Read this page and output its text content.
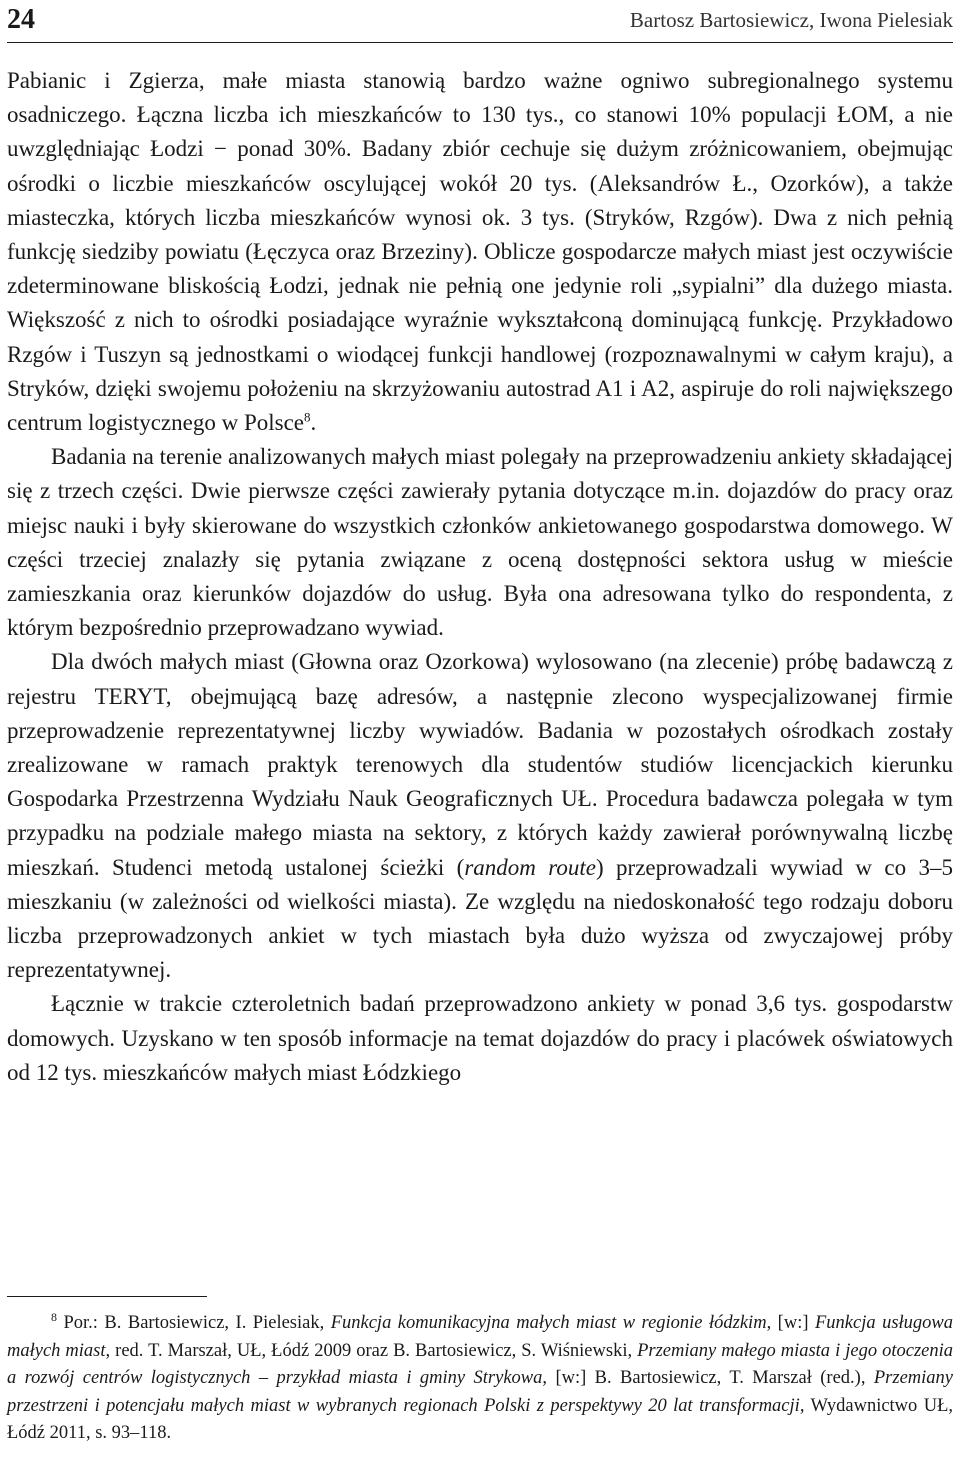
24	Bartosz Bartosiewicz, Iwona Pielesiak

Pabianic i Zgierza, małe miasta stanowią bardzo ważne ogniwo subregionalnego systemu osadniczego. Łączna liczba ich mieszkańców to 130 tys., co stanowi 10% populacji ŁOM, a nie uwzględniając Łodzi − ponad 30%. Badany zbiór cechuje się dużym zróżnicowaniem, obejmując ośrodki o liczbie mieszkańców oscylującej wokół 20 tys. (Aleksandrów Ł., Ozorków), a także miasteczka, których liczba mieszkańców wynosi ok. 3 tys. (Stryków, Rzgów). Dwa z nich pełnią funkcję siedziby powiatu (Łęczyca oraz Brzeziny). Oblicze gospodarcze małych miast jest oczywiście zdeterminowane bliskością Łodzi, jednak nie pełnią one jedynie roli „sypialni” dla dużego miasta. Większość z nich to ośrodki posiadające wyraźnie wykształconą dominującą funkcję. Przykładowo Rzgów i Tuszyn są jednostkami o wiodącej funkcji handlowej (rozpoznawalnymi w całym kraju), a Stryków, dzięki swojemu położeniu na skrzyżowaniu autostrad A1 i A2, aspiruje do roli największego centrum logistycznego w Polsce$^8$.

Badania na terenie analizowanych małych miast polegały na przeprowadzeniu ankiety składającej się z trzech części. Dwie pierwsze części zawierały pytania dotyczące m.in. dojazdów do pracy oraz miejsc nauki i były skierowane do wszystkich członków ankietowanego gospodarstwa domowego. W części trzeciej znalazły się pytania związane z oceną dostępności sektora usług w mieście zamieszkania oraz kierunków dojazdów do usług. Była ona adresowana tylko do respondenta, z którym bezpośrednio przeprowadzano wywiad.

Dla dwóch małych miast (Głowna oraz Ozorkowa) wylosowano (na zlecenie) próbę badawczą z rejestru TERYT, obejmującą bazę adresów, a następnie zlecono wyspecjalizowanej firmie przeprowadzenie reprezentatywnej liczby wywiadów. Badania w pozostałych ośrodkach zostały zrealizowane w ramach praktyk terenowych dla studentów studiów licencjackich kierunku Gospodarka Przestrzenna Wydziału Nauk Geograficznych UŁ. Procedura badawcza polegała w tym przypadku na podziale małego miasta na sektory, z których każdy zawierał porównywalną liczbę mieszkań. Studenci metodą ustalonej ścieżki (random route) przeprowadzali wywiad w co 3–5 mieszkaniu (w zależności od wielkości miasta). Ze względu na niedoskonałość tego rodzaju doboru liczba przeprowadzonych ankiet w tych miastach była dużo wyższa od zwyczajowej próby reprezentatywnej.

Łącznie w trakcie czteroletnich badań przeprowadzono ankiety w ponad 3,6 tys. gospodarstw domowych. Uzyskano w ten sposób informacje na temat dojazdów do pracy i placówek oświatowych od 12 tys. mieszkańców małych miast Łódzkiego

$^8$ Por.: B. Bartosiewicz, I. Pielesiak, Funkcja komunikacyjna małych miast w regionie łódzkim, [w:] Funkcja usługowa małych miast, red. T. Marszał, UŁ, Łódź 2009 oraz B. Bartosiewicz, S. Wiśniewski, Przemiany małego miasta i jego otoczenia a rozwój centrów logistycznych – przykład miasta i gminy Strykowa, [w:] B. Bartosiewicz, T. Marszał (red.), Przemiany przestrzeni i potencjału małych miast w wybranych regionach Polski z perspektywy 20 lat transformacji, Wydawnictwo UŁ, Łódź 2011, s. 93–118.
